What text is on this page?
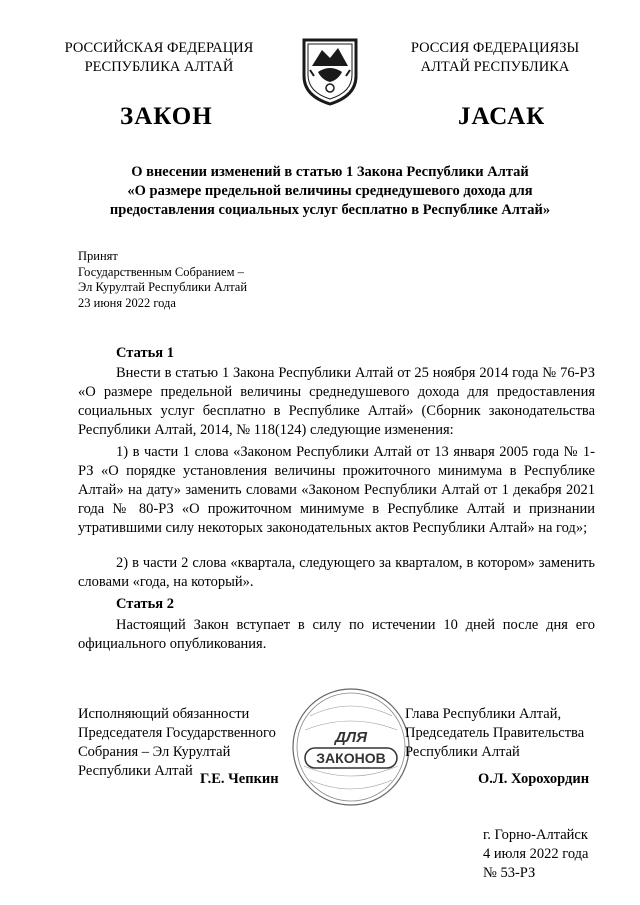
РОССИЙСКАЯ ФЕДЕРАЦИЯ
РЕСПУБЛИКА АЛТАЙ
РОССИЯ ФЕДЕРАЦИЯЗЫ
АЛТАЙ РЕСПУБЛИКА
ЗАКОН	JАСАК
О внесении изменений в статью 1 Закона Республики Алтай
«О размере предельной величины среднедушевого дохода для
предоставления социальных услуг бесплатно в Республике Алтай»
Принят
Государственным Собранием –
Эл Курултай Республики Алтай
23 июня 2022 года
Статья 1
Внести в статью 1 Закона Республики Алтай от 25 ноября 2014 года № 76-РЗ «О размере предельной величины среднедушевого дохода для предоставления социальных услуг бесплатно в Республике Алтай» (Сборник законодательства Республики Алтай, 2014, № 118(124) следующие изменения:
1) в части 1 слова «Законом Республики Алтай от 13 января 2005 года № 1-РЗ «О порядке установления величины прожиточного минимума в Республике Алтай» на дату» заменить словами «Законом Республики Алтай от 1 декабря 2021 года № 80-РЗ «О прожиточном минимуме в Республике Алтай и признании утратившими силу некоторых законодательных актов Республики Алтай» на год»;
2) в части 2 слова «квартала, следующего за кварталом, в котором» заменить словами «года, на который».
Статья 2
Настоящий Закон вступает в силу по истечении 10 дней после дня его официального опубликования.
ДЛЯ
ЗАКОНОВ
Исполняющий обязанности
Председателя Государственного
Собрания – Эл Курултай
Республики Алтай Г.Е. Чепкин
Глава Республики Алтай,
Председатель Правительства
Республики Алтай
О.Л. Хорохордин
г. Горно-Алтайск
4 июля 2022 года
№ 53-РЗ
